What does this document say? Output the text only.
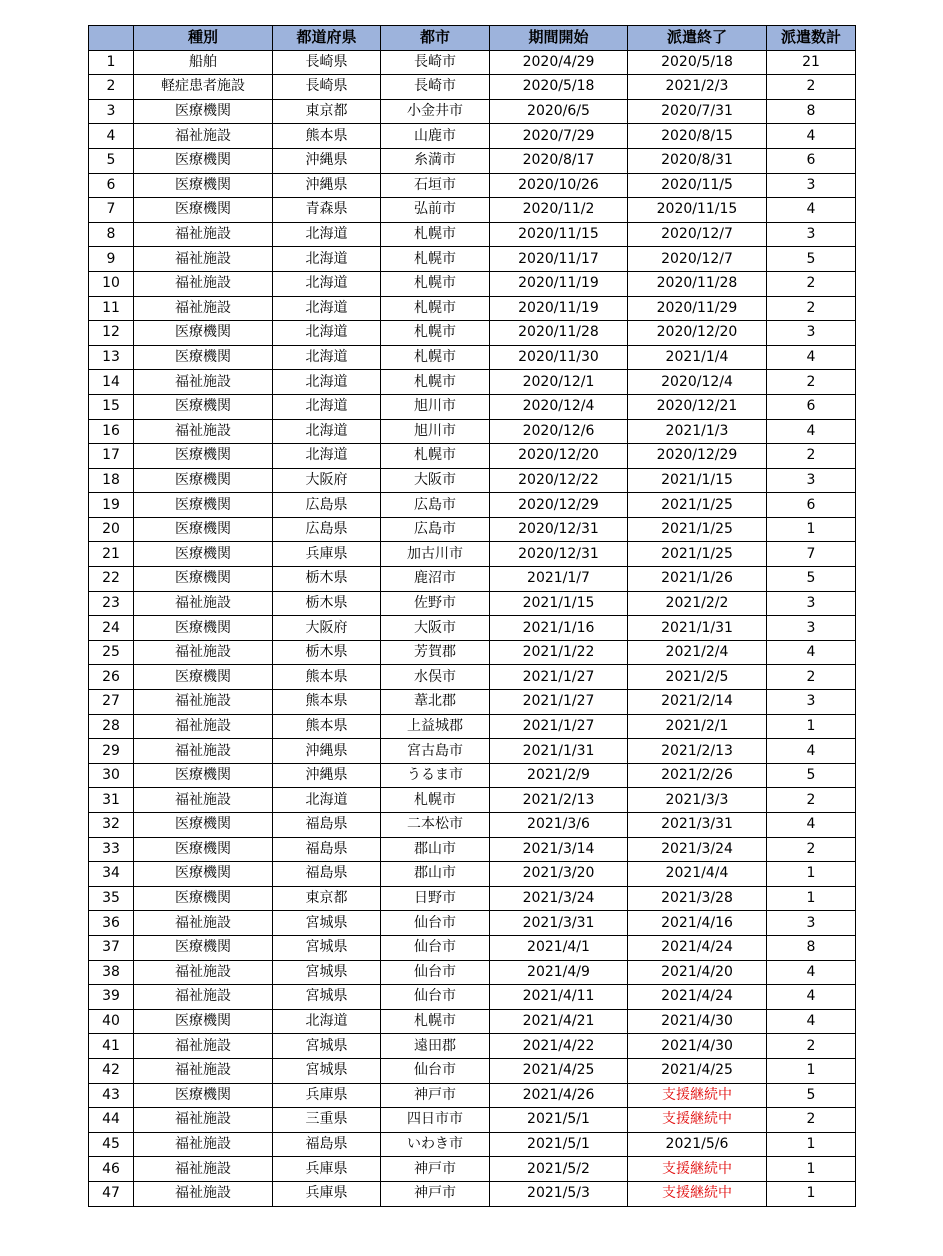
	種別	都道府県	都市	期間開始	派遣終了	派遣数計
1	船舶	長崎県	長崎市	2020/4/29	2020/5/18	21
2	軽症患者施設	長崎県	長崎市	2020/5/18	2021/2/3	2
3	医療機関	東京都	小金井市	2020/6/5	2020/7/31	8
4	福祉施設	熊本県	山鹿市	2020/7/29	2020/8/15	4
5	医療機関	沖縄県	糸満市	2020/8/17	2020/8/31	6
6	医療機関	沖縄県	石垣市	2020/10/26	2020/11/5	3
7	医療機関	青森県	弘前市	2020/11/2	2020/11/15	4
8	福祉施設	北海道	札幌市	2020/11/15	2020/12/7	3
9	福祉施設	北海道	札幌市	2020/11/17	2020/12/7	5
10	福祉施設	北海道	札幌市	2020/11/19	2020/11/28	2
11	福祉施設	北海道	札幌市	2020/11/19	2020/11/29	2
12	医療機関	北海道	札幌市	2020/11/28	2020/12/20	3
13	医療機関	北海道	札幌市	2020/11/30	2021/1/4	4
14	福祉施設	北海道	札幌市	2020/12/1	2020/12/4	2
15	医療機関	北海道	旭川市	2020/12/4	2020/12/21	6
16	福祉施設	北海道	旭川市	2020/12/6	2021/1/3	4
17	医療機関	北海道	札幌市	2020/12/20	2020/12/29	2
18	医療機関	大阪府	大阪市	2020/12/22	2021/1/15	3
19	医療機関	広島県	広島市	2020/12/29	2021/1/25	6
20	医療機関	広島県	広島市	2020/12/31	2021/1/25	1
21	医療機関	兵庫県	加古川市	2020/12/31	2021/1/25	7
22	医療機関	栃木県	鹿沼市	2021/1/7	2021/1/26	5
23	福祉施設	栃木県	佐野市	2021/1/15	2021/2/2	3
24	医療機関	大阪府	大阪市	2021/1/16	2021/1/31	3
25	福祉施設	栃木県	芳賀郡	2021/1/22	2021/2/4	4
26	医療機関	熊本県	水俣市	2021/1/27	2021/2/5	2
27	福祉施設	熊本県	葦北郡	2021/1/27	2021/2/14	3
28	福祉施設	熊本県	上益城郡	2021/1/27	2021/2/1	1
29	福祉施設	沖縄県	宮古島市	2021/1/31	2021/2/13	4
30	医療機関	沖縄県	うるま市	2021/2/9	2021/2/26	5
31	福祉施設	北海道	札幌市	2021/2/13	2021/3/3	2
32	医療機関	福島県	二本松市	2021/3/6	2021/3/31	4
33	医療機関	福島県	郡山市	2021/3/14	2021/3/24	2
34	医療機関	福島県	郡山市	2021/3/20	2021/4/4	1
35	医療機関	東京都	日野市	2021/3/24	2021/3/28	1
36	福祉施設	宮城県	仙台市	2021/3/31	2021/4/16	3
37	医療機関	宮城県	仙台市	2021/4/1	2021/4/24	8
38	福祉施設	宮城県	仙台市	2021/4/9	2021/4/20	4
39	福祉施設	宮城県	仙台市	2021/4/11	2021/4/24	4
40	医療機関	北海道	札幌市	2021/4/21	2021/4/30	4
41	福祉施設	宮城県	遠田郡	2021/4/22	2021/4/30	2
42	福祉施設	宮城県	仙台市	2021/4/25	2021/4/25	1
43	医療機関	兵庫県	神戸市	2021/4/26	支援継続中	5
44	福祉施設	三重県	四日市市	2021/5/1	支援継続中	2
45	福祉施設	福島県	いわき市	2021/5/1	2021/5/6	1
46	福祉施設	兵庫県	神戸市	2021/5/2	支援継続中	1
47	福祉施設	兵庫県	神戸市	2021/5/3	支援継続中	1
